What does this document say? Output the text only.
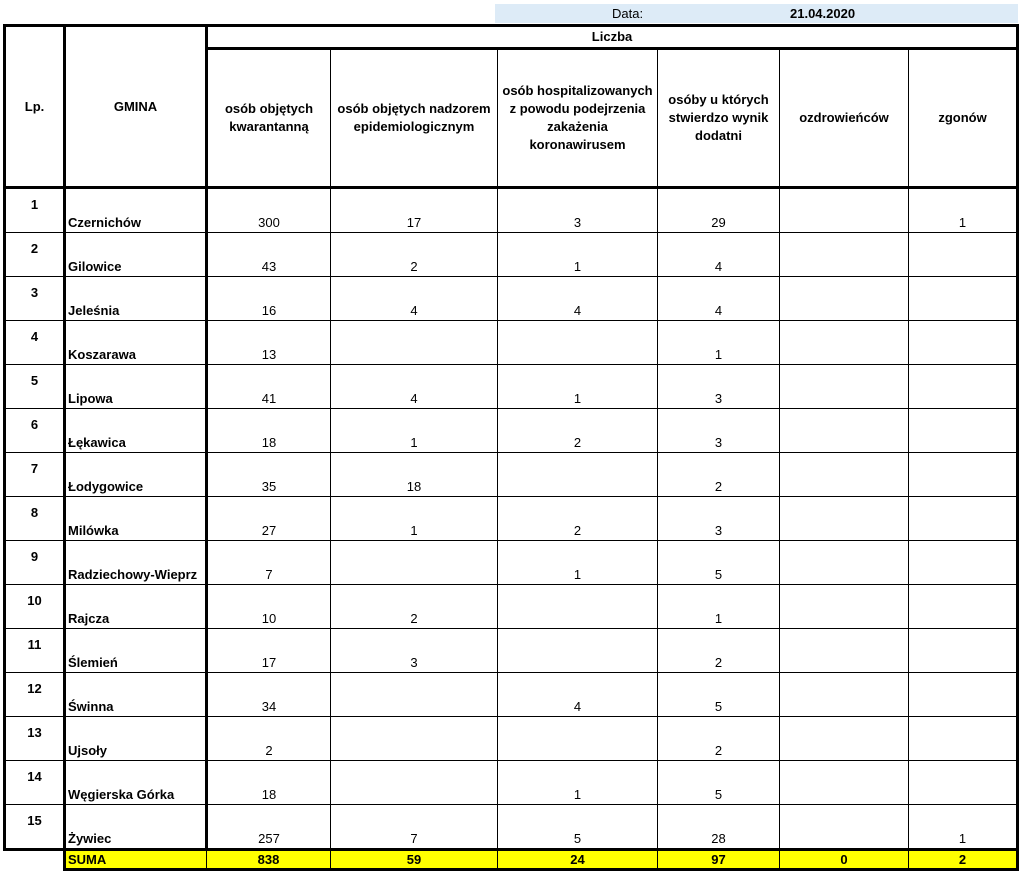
Data:	21.04.2020
Lp.	GMINA	Liczba					
		osób objętych kwarantanną	osób objętych nadzorem epidemiologicznym	osób hospitalizowanych z powodu podejrzenia zakażenia koronawirusem	osóby u których stwierdzo wynik dodatni	ozdrowieńców	zgonów
1	Czernichów	300	17	3	29		1
2	Gilowice	43	2	1	4		
3	Jeleśnia	16	4	4	4		
4	Koszarawa	13			1		
5	Lipowa	41	4	1	3		
6	Łękawica	18	1	2	3		
7	Łodygowice	35	18		2		
8	Milówka	27	1	2	3		
9	Radziechowy-Wieprz	7		1	5		
10	Rajcza	10	2		1		
11	Ślemień	17	3		2		
12	Świnna	34		4	5		
13	Ujsoły	2			2		
14	Węgierska Górka	18		1	5		
15	Żywiec	257	7	5	28		1
	SUMA	838	59	24	97	0	2
